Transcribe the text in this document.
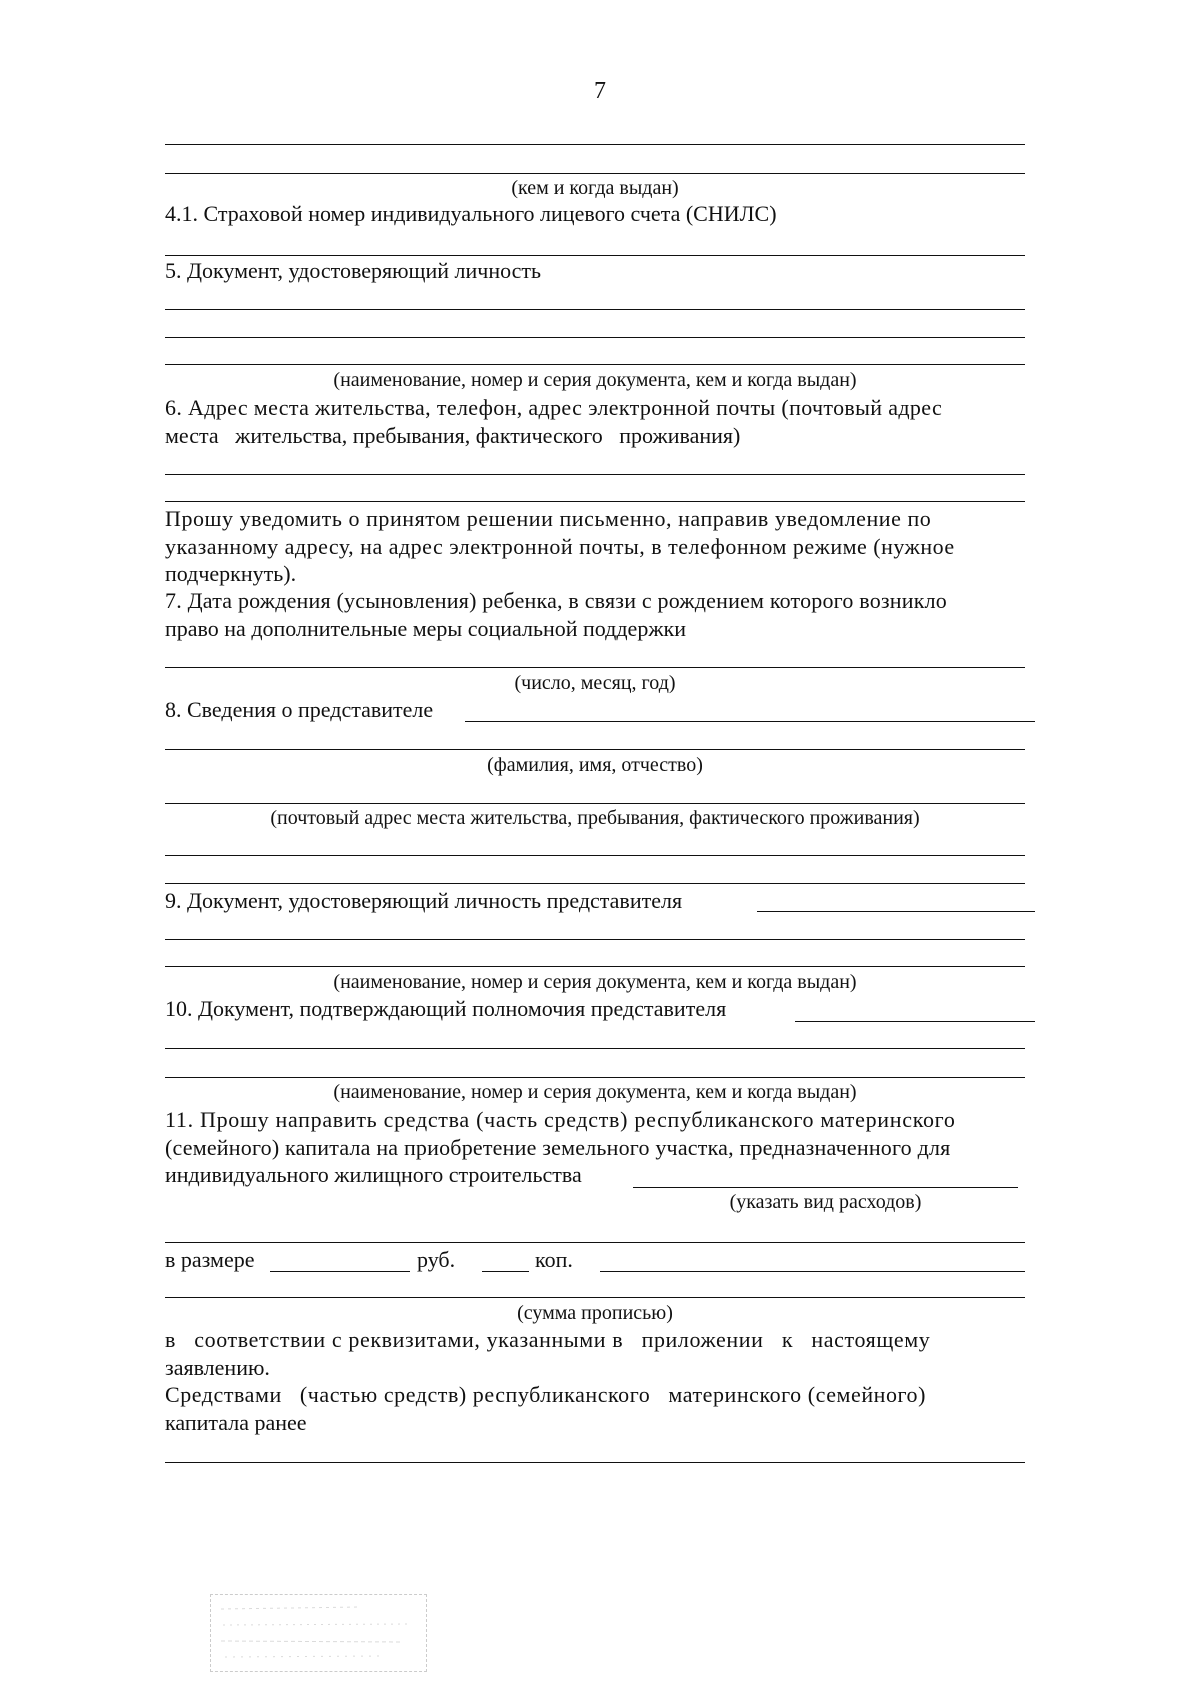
7
(кем и когда выдан)
4.1. Страховой номер индивидуального лицевого счета (СНИЛС)
5. Документ, удостоверяющий личность
(наименование, номер и серия документа, кем и когда выдан)
6. Адрес места жительства, телефон, адрес электронной почты (почтовый адрес
места   жительства, пребывания, фактического   проживания)
Прошу уведомить о принятом решении письменно, направив уведомление по
указанному адресу, на адрес электронной почты, в телефонном режиме (нужное
подчеркнуть).
7. Дата рождения (усыновления) ребенка, в связи с рождением которого возникло
право на дополнительные меры социальной поддержки
(число, месяц, год)
8. Сведения о представителе
(фамилия, имя, отчество)
(почтовый адрес места жительства, пребывания, фактического проживания)
9. Документ, удостоверяющий личность представителя
(наименование, номер и серия документа, кем и когда выдан)
10. Документ, подтверждающий полномочия представителя
(наименование, номер и серия документа, кем и когда выдан)
11. Прошу направить средства (часть средств) республиканского материнского
(семейного) капитала на приобретение земельного участка, предназначенного для
индивидуального жилищного строительства
(указать вид расходов)
в размере	руб.	коп.
(сумма прописью)
в   соответствии с реквизитами, указанными в   приложении   к   настоящему
заявлению.
Средствами   (частью средств) республиканского   материнского (семейного)
капитала ранее
